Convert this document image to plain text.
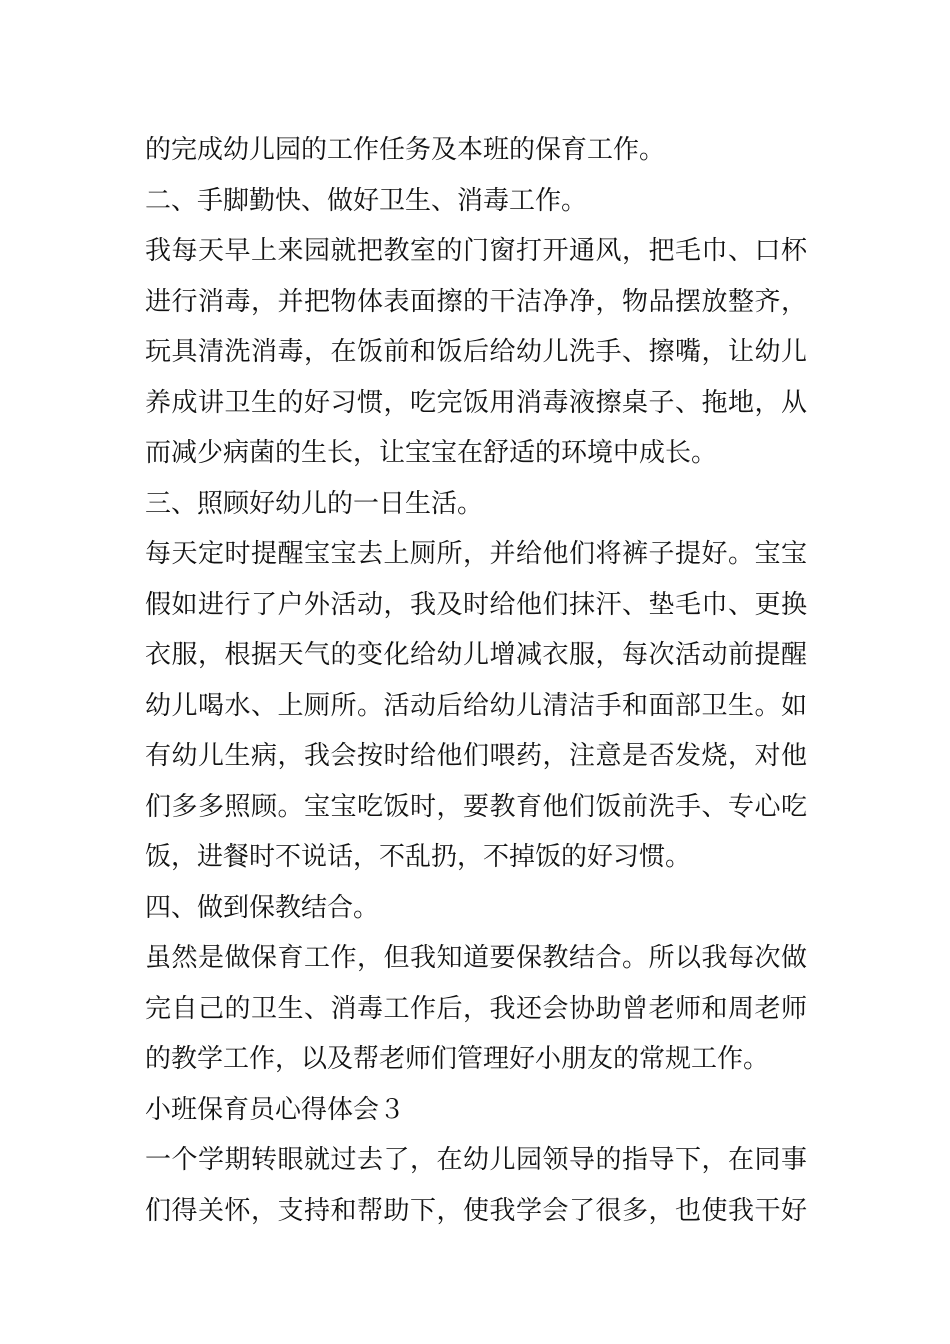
的完成幼儿园的工作任务及本班的保育工作。
二、手脚勤快、做好卫生、消毒工作。
我每天早上来园就把教室的门窗打开通风，把毛巾、口杯
进行消毒，并把物体表面擦的干洁净净，物品摆放整齐，
玩具清洗消毒，在饭前和饭后给幼儿洗手、擦嘴，让幼儿
养成讲卫生的好习惯，吃完饭用消毒液擦桌子、拖地，从
而减少病菌的生长，让宝宝在舒适的环境中成长。
三、照顾好幼儿的一日生活。
每天定时提醒宝宝去上厕所，并给他们将裤子提好。宝宝
假如进行了户外活动，我及时给他们抹汗、垫毛巾、更换
衣服，根据天气的变化给幼儿增减衣服，每次活动前提醒
幼儿喝水、上厕所。活动后给幼儿清洁手和面部卫生。如
有幼儿生病，我会按时给他们喂药，注意是否发烧，对他
们多多照顾。宝宝吃饭时，要教育他们饭前洗手、专心吃
饭，进餐时不说话，不乱扔，不掉饭的好习惯。
四、做到保教结合。
虽然是做保育工作，但我知道要保教结合。所以我每次做
完自己的卫生、消毒工作后，我还会协助曾老师和周老师
的教学工作，以及帮老师们管理好小朋友的常规工作。
小班保育员心得体会３
一个学期转眼就过去了，在幼儿园领导的指导下，在同事
们得关怀，支持和帮助下，使我学会了很多，也使我干好
